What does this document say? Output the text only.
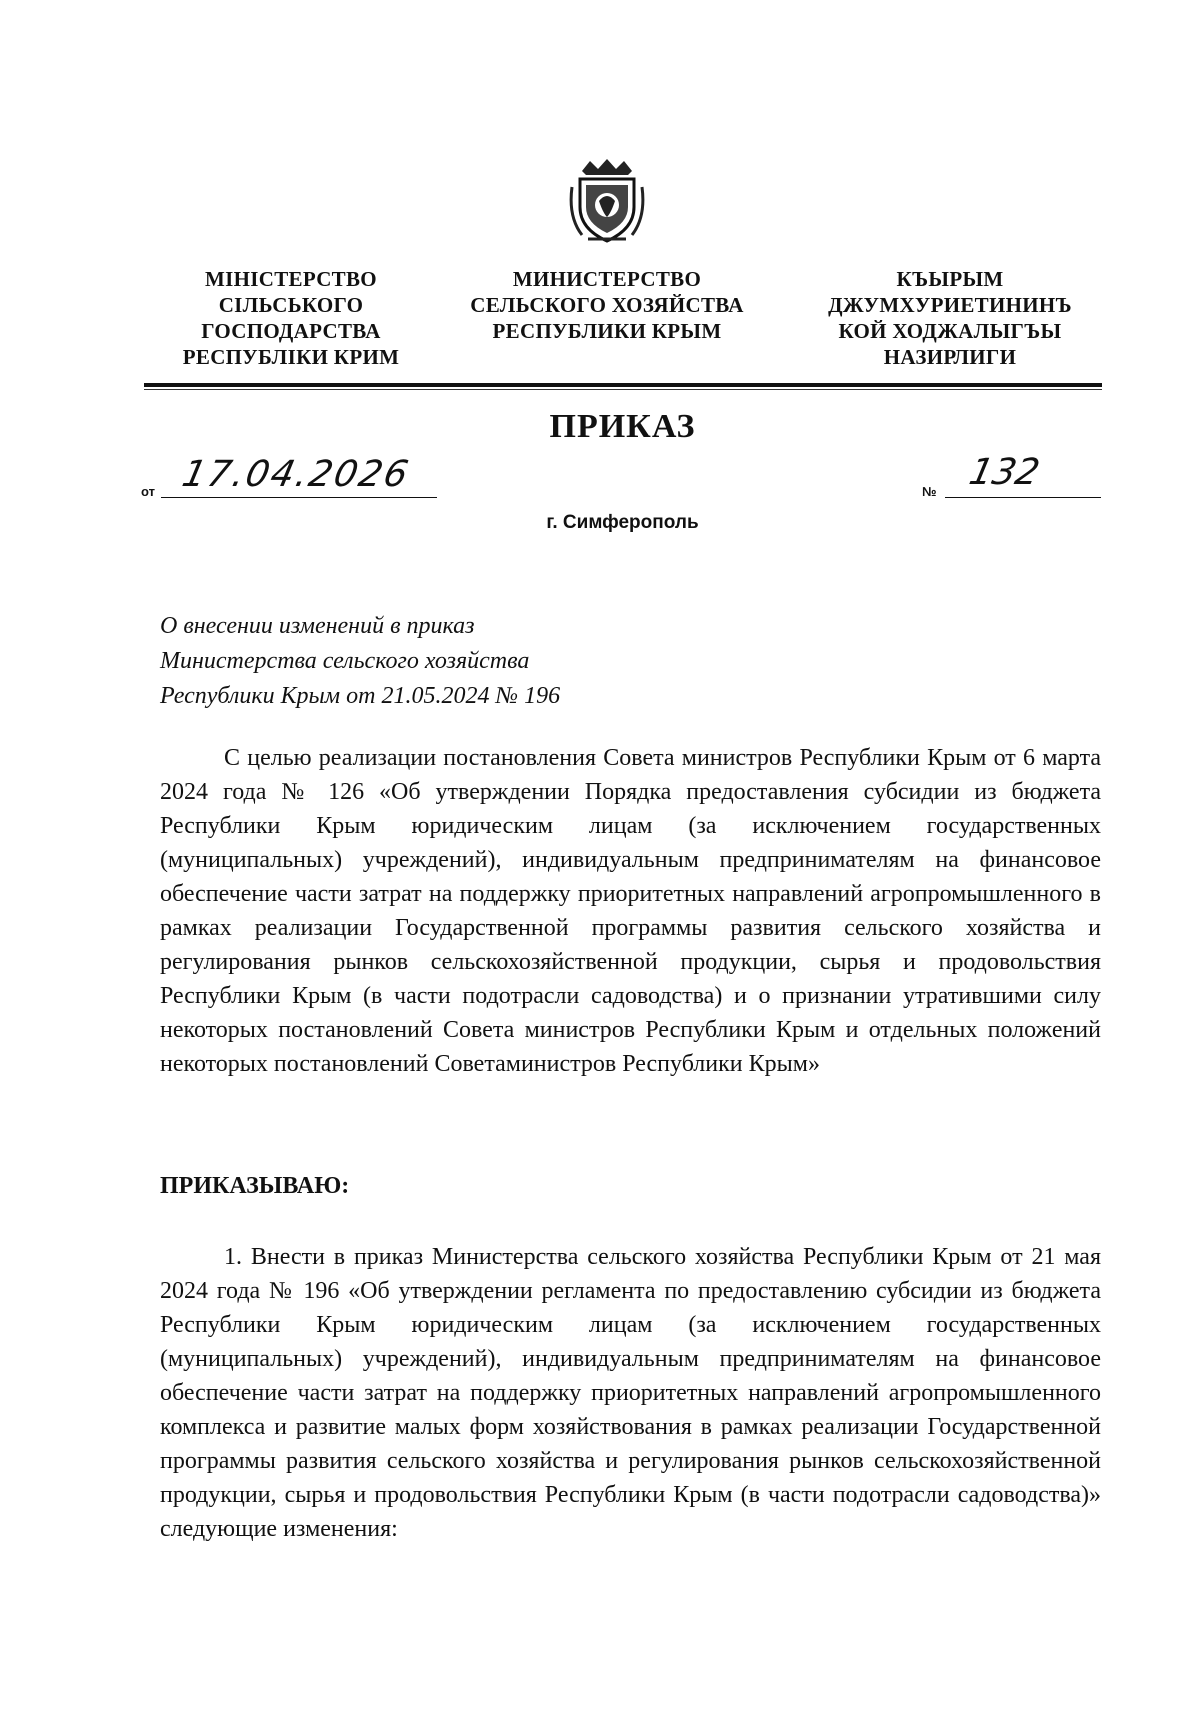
МIНIСТЕРСТВО
СIЛЬСЬКОГО
ГОСПОДАРСТВА
РЕСПУБЛIКИ КРИМ
МИНИСТЕРСТВО
СЕЛЬСКОГО ХОЗЯЙСТВА
РЕСПУБЛИКИ КРЫМ
КЪЫРЫМ
ДЖУМХУРИЕТИНИНЪ
КОЙ ХОДЖАЛЫГЪЫ
НАЗИРЛИГИ
ПРИКАЗ
от 17.04.2026	№ 132
г. Симферополь
О внесении изменений в приказ
Министерства сельского хозяйства
Республики Крым от 21.05.2024 № 196
С целью реализации постановления Совета министров Республики Крым от 6 марта 2024 года № 126 «Об утверждении Порядка предоставления субсидии из бюджета Республики Крым юридическим лицам (за исключением государственных (муниципальных) учреждений), индивидуальным предпринимателям на финансовое обеспечение части затрат на поддержку приоритетных направлений агропромышленного в рамках реализации Государственной программы развития сельского хозяйства и регулирования рынков сельскохозяйственной продукции, сырья и продовольствия Республики Крым (в части подотрасли садоводства) и о признании утратившими силу некоторых постановлений Совета министров Республики Крым и отдельных положений некоторых постановлений Советаминистров Республики Крым»
ПРИКАЗЫВАЮ:
1. Внести в приказ Министерства сельского хозяйства Республики Крым от 21 мая 2024 года № 196 «Об утверждении регламента по предоставлению субсидии из бюджета Республики Крым юридическим лицам (за исключением государственных (муниципальных) учреждений), индивидуальным предпринимателям на финансовое обеспечение части затрат на поддержку приоритетных направлений агропромышленного комплекса и развитие малых форм хозяйствования в рамках реализации Государственной программы развития сельского хозяйства и регулирования рынков сельскохозяйственной продукции, сырья и продовольствия Республики Крым (в части подотрасли садоводства)» следующие изменения:
